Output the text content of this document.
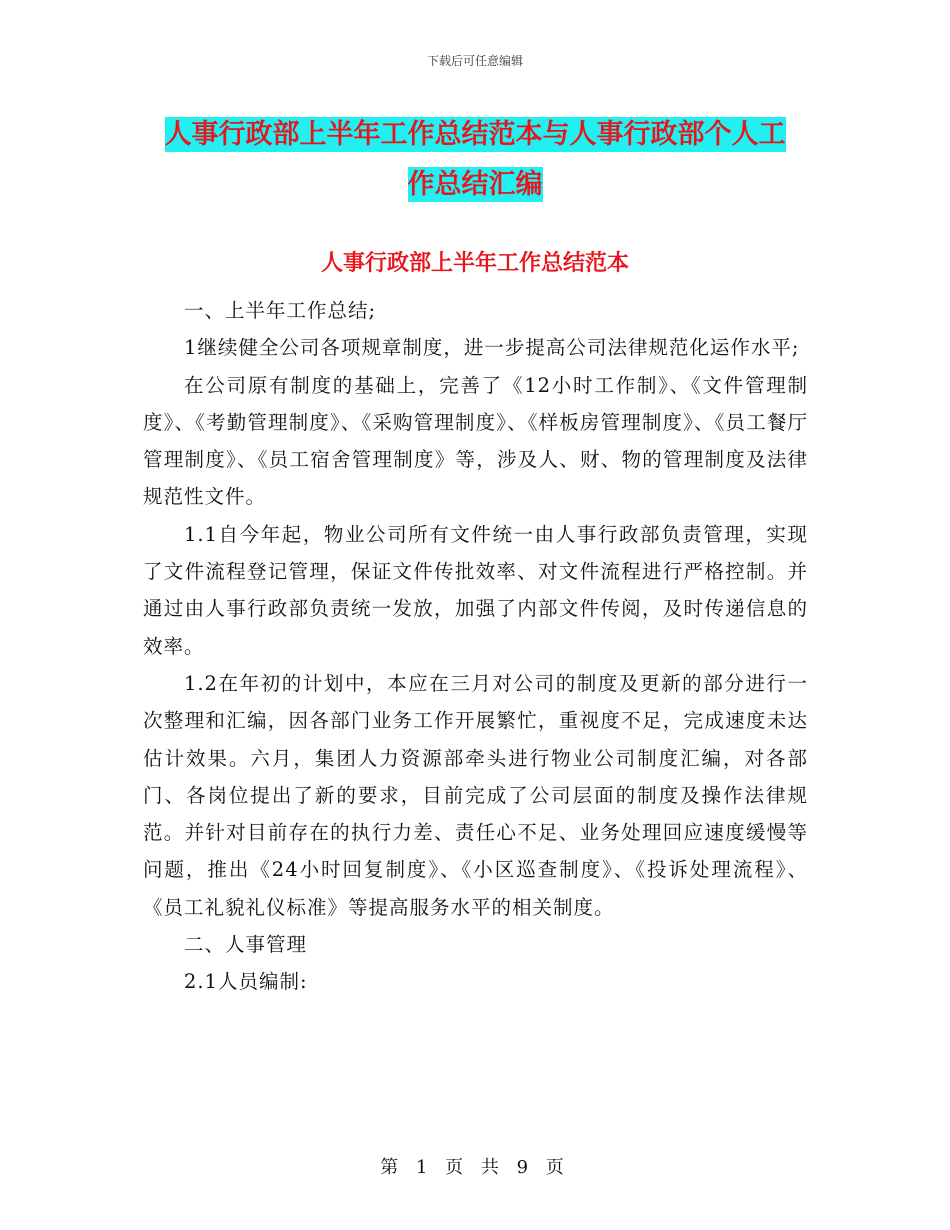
下载后可任意编辑
人事行政部上半年工作总结范本与人事行政部个人工
作总结汇编
人事行政部上半年工作总结范本

一、上半年工作总结;

1继续健全公司各项规章制度，进一步提高公司法律规范化运作水平;

在公司原有制度的基础上，完善了《12小时工作制》、《文件管理制度》、《考勤管理制度》、《采购管理制度》、《样板房管理制度》、《员工餐厅管理制度》、《员工宿舍管理制度》等，涉及人、财、物的管理制度及法律规范性文件。

1.1自今年起，物业公司所有文件统一由人事行政部负责管理，实现了文件流程登记管理，保证文件传批效率、对文件流程进行严格控制。并通过由人事行政部负责统一发放，加强了内部文件传阅，及时传递信息的效率。

1.2在年初的计划中，本应在三月对公司的制度及更新的部分进行一次整理和汇编，因各部门业务工作开展繁忙，重视度不足，完成速度未达估计效果。六月，集团人力资源部牵头进行物业公司制度汇编，对各部门、各岗位提出了新的要求，目前完成了公司层面的制度及操作法律规范。并针对目前存在的执行力差、责任心不足、业务处理回应速度缓慢等问题，推出《24小时回复制度》、《小区巡查制度》、《投诉处理流程》、《员工礼貌礼仪标准》等提高服务水平的相关制度。

二、人事管理

2.1人员编制:

第 1 页 共 9 页
